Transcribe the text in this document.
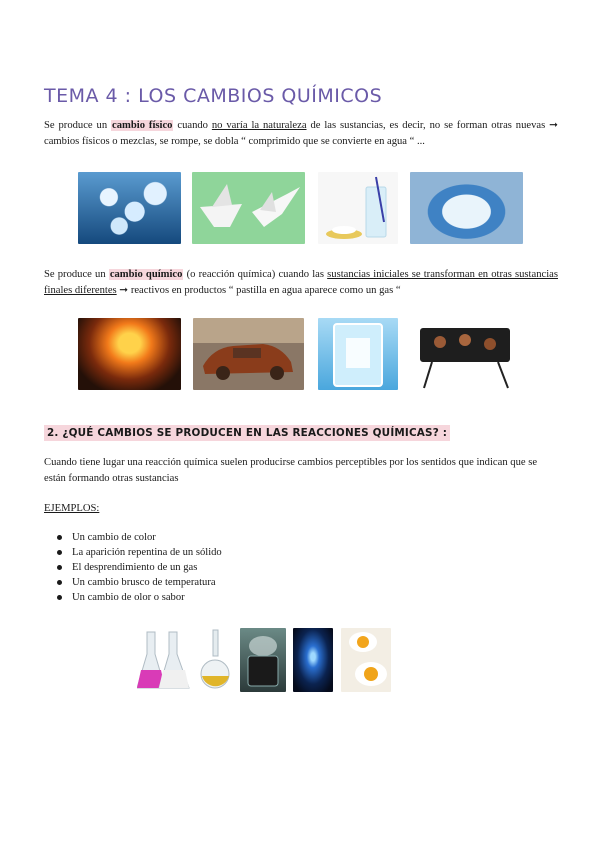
TEMA 4 : LOS CAMBIOS QUÍMICOS

Se produce un cambio físico cuando no varía la naturaleza de las sustancias, es decir, no se forman otras nuevas ➞ cambios físicos o mezclas, se rompe, se dobla “ comprimido que se convierte en agua “ ...

Se produce un cambio químico (o reacción química) cuando las sustancias iniciales se transforman en otras sustancias finales diferentes ➞ reactivos en productos “ pastilla en agua aparece como un gas “

2. ¿QUÉ CAMBIOS SE PRODUCEN EN LAS REACCIONES QUÍMICAS? :

Cuando tiene lugar una reacción química suelen producirse cambios perceptibles por los sentidos que indican que se están formando otras sustancias

EJEMPLOS:
Un cambio de color
La aparición repentina de un sólido
El desprendimiento de un gas
Un cambio brusco de temperatura
Un cambio de olor o sabor
